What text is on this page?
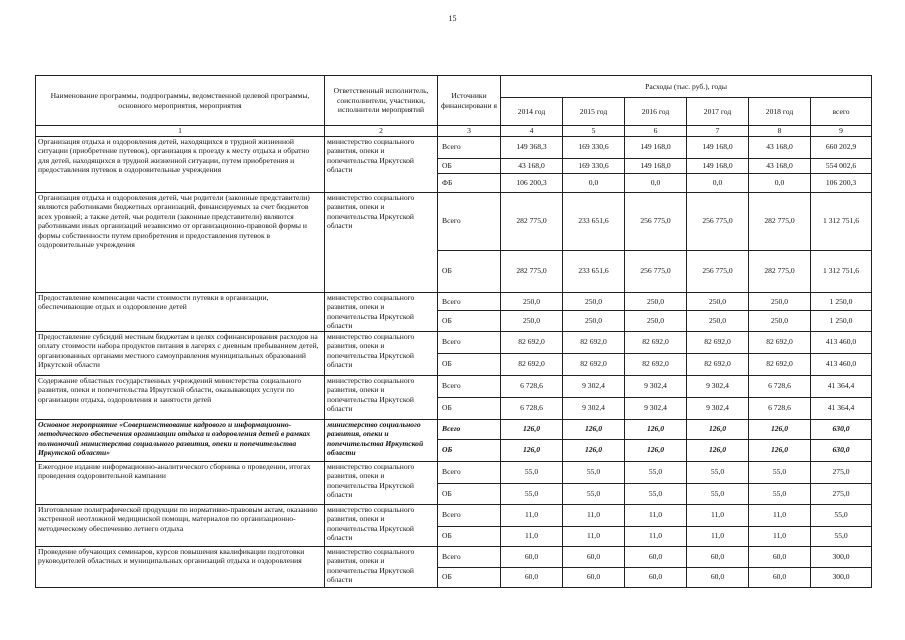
15
Наименование программы, подпрограммы, ведомственной целевой программы, основного мероприятия, мероприятия	Ответственный исполнитель, соисполнители, участники, исполнители мероприятий	Источники финансировани я	Расходы (тыс. руб.), годы					
			2014 год	2015 год	2016 год	2017 год	2018 год	всего
1	2	3	4	5	6	7	8	9
Организация отдыха и оздоровления детей, находящихся в трудной жизненной ситуации (приобретение путевок), организация к проезду к месту отдыха и обратно для детей, находящихся в трудной жизненной ситуации, путем приобретения и предоставления путевок в оздоровительные учреждения	министерство социального развития, опеки и попечительства Иркутской области	Всего	149 368,3	169 330,6	149 168,0	149 168,0	43 168,0	660 202,9
		ОБ	43 168,0	169 330,6	149 168,0	149 168,0	43 168,0	554 002,6
		ФБ	106 200,3	0,0	0,0	0,0	0,0	106 200,3
Организация отдыха и оздоровления детей, чьи родители (законные представители) являются работниками бюджетных организаций, финансируемых за счет бюджетов всех уровней; а также детей, чьи родители (законные представители) являются работниками иных организаций независимо от организационно-правовой формы и формы собственности путем приобретения и предоставления путевок в оздоровительные учреждения	министерство социального развития, опеки и попечительства Иркутской области	Всего	282 775,0	233 651,6	256 775,0	256 775,0	282 775,0	1 312 751,6
		ОБ	282 775,0	233 651,6	256 775,0	256 775,0	282 775,0	1 312 751,6
Предоставление компенсации части стоимости путевки в организации, обеспечивающие отдых и оздоровление детей	министерство социального развития, опеки и попечительства Иркутской области	Всего	250,0	250,0	250,0	250,0	250,0	1 250,0
		ОБ	250,0	250,0	250,0	250,0	250,0	1 250,0
Предоставление субсидий местным бюджетам в целях софинансирования расходов на оплату стоимости набора продуктов питания в лагерях с дневным пребыванием детей, организованных органами местного самоуправления муниципальных образований Иркутской области	министерство социального развития, опеки и попечительства Иркутской области	Всего	82 692,0	82 692,0	82 692,0	82 692,0	82 692,0	413 460,0
		ОБ	82 692,0	82 692,0	82 692,0	82 692,0	82 692,0	413 460,0
Содержание областных государственных учреждений министерства социального развития, опеки и попечительства Иркутской области, оказывающих услуги по организации отдыха, оздоровления и занятости детей	министерство социального развития, опеки и попечительства Иркутской области	Всего	6 728,6	9 302,4	9 302,4	9 302,4	6 728,6	41 364,4
		ОБ	6 728,6	9 302,4	9 302,4	9 302,4	6 728,6	41 364,4
Основное мероприятие «Совершенствование кадрового и информационно-методического обеспечения организации отдыха и оздоровления детей в рамках полномочий министерства социального развития, опеки и попечительства Иркутской области»	министерство социального развития, опеки и попечительства Иркутской области	Всего	126,0	126,0	126,0	126,0	126,0	630,0
		ОБ	126,0	126,0	126,0	126,0	126,0	630,0
Ежегодное издание информационно-аналитического сборника о проведении, итогах проведения оздоровительной кампании	министерство социального развития, опеки и попечительства Иркутской области	Всего	55,0	55,0	55,0	55,0	55,0	275,0
		ОБ	55,0	55,0	55,0	55,0	55,0	275,0
Изготовление полиграфической продукции по нормативно-правовым актам, оказанию экстренной неотложной медицинской помощи, материалов по организационно-методическому обеспечению летнего отдыха	министерство социального развития, опеки и попечительства Иркутской области	Всего	11,0	11,0	11,0	11,0	11,0	55,0
		ОБ	11,0	11,0	11,0	11,0	11,0	55,0
Проведение обучающих семинаров, курсов повышения квалификации подготовки руководителей областных и муниципальных организаций отдыха и оздоровления	министерство социального развития, опеки и попечительства Иркутской области	Всего	60,0	60,0	60,0	60,0	60,0	300,0
		ОБ	60,0	60,0	60,0	60,0	60,0	300,0
